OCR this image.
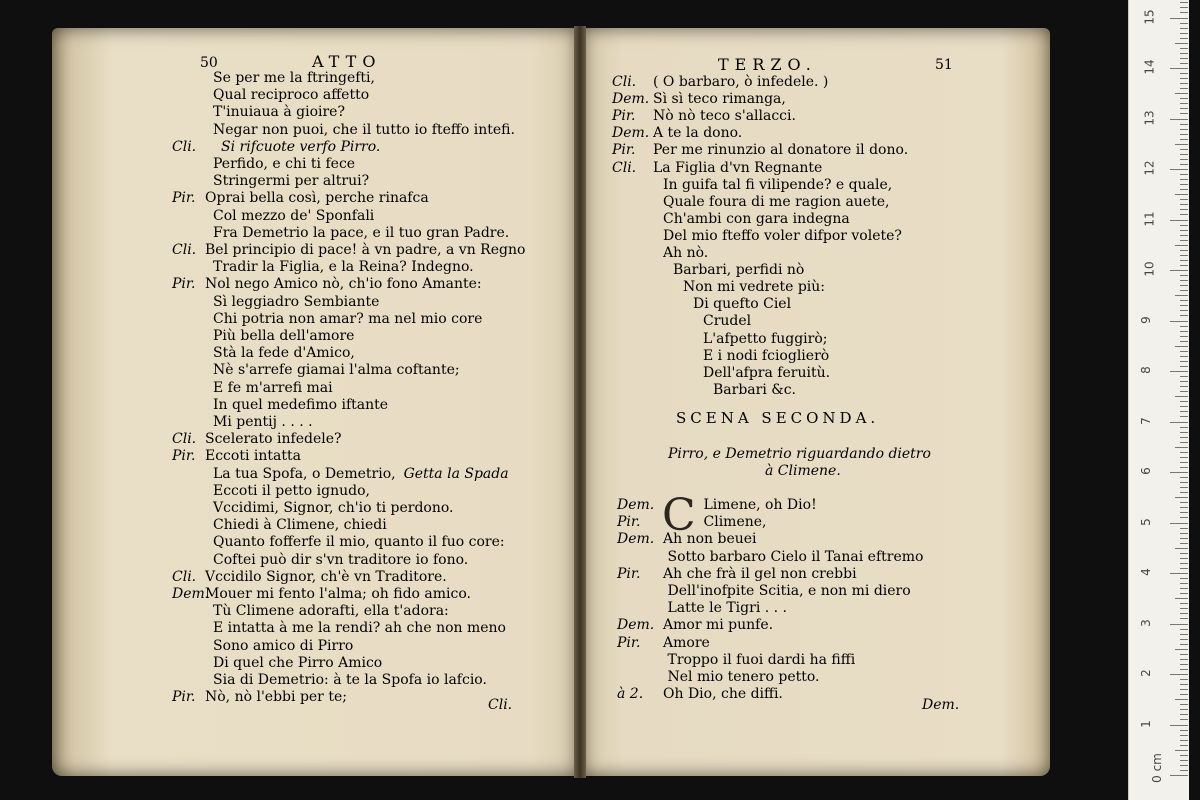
50	ATTO
Se per me la ftringefti,
Qual reciproco affetto
T'inuiaua à gioire?
Negar non puoi, che il tutto io fteffo intefi.
Cli. Si rifcuote verfo Pirro.
Perfido, e chi ti fece
Stringermi per altrui?
Pir. Oprai bella così, perche rinafca
Col mezzo de' Sponfali
Fra Demetrio la pace, e il tuo gran Padre.
Cli. Bel principio di pace! à vn padre, a vn Regno
Tradir la Figlia, e la Reina? Indegno.
Pir. Nol nego Amico nò, ch'io fono Amante:
Sì leggiadro Sembiante
Chi potria non amar? ma nel mio core
Più bella dell'amore
Stà la fede d'Amico,
Nè s'arrefe giamai l'alma coftante;
E fe m'arrefi mai
In quel medefimo iftante
Mi pentij . . . .
Cli. Scelerato infedele?
Pir. Eccoti intatta
La tua Spofa, o Demetrio, Getta la Spada
Eccoti il petto ignudo,
Vccidimi, Signor, ch'io ti perdono.
Chiedi à Climene, chiedi
Quanto fofferfe il mio, quanto il fuo core:
Coftei può dir s'vn traditore io fono.
Cli. Vccidilo Signor, ch'è vn Traditore.
Dem.
Mouer mi fento l'alma; oh fido amico.
Tù Climene adorafti, ella t'adora:
E intatta à me la rendi? ah che non meno
Sono amico di Pirro
Di quel che Pirro Amico
Sia di Demetrio: à te la Spofa io lafcio.
Pir. Nò, nò l'ebbi per te;	Cli.
TERZO.	51
Cli. ( O barbaro, ò infedele. )
Dem. Sì sì teco rimanga,
Pir. Nò nò teco s'allacci.
Dem. A te la dono.
Pir. Per me rinunzio al donatore il dono.
Cli. La Figlia d'vn Regnante
In guifa tal fi vilipende? e quale,
Quale foura di me ragion auete,
Ch'ambi con gara indegna
Del mio fteffo voler difpor volete?
Ah nò.
Barbari, perfidi nò
Non mi vedrete più:
Di quefto Ciel
Crudel
L'afpetto fuggirò;
E i nodi fcioglierò
Dell'afpra feruitù.
Barbari &c.
SCENA SECONDA.
Pirro, e Demetrio riguardando dietro
à Climene.
C
Dem.	Limene, oh Dio!
Pir.	Climene,
Dem. Ah non beuei
Sotto barbaro Cielo il Tanai eftremo
Pir. Ah che frà il gel non crebbi
Dell'inofpite Scitia, e non mi diero
Latte le Tigri . . .
Dem. Amor mi punfe.
Pir. Amore
Troppo il fuoi dardi ha fiffi
Nel mio tenero petto.
à 2. Oh Dio, che diffi.
Dem.
0 cm
1
2
3
4
5
6
7
8
9
10
11
12
13
14
15
